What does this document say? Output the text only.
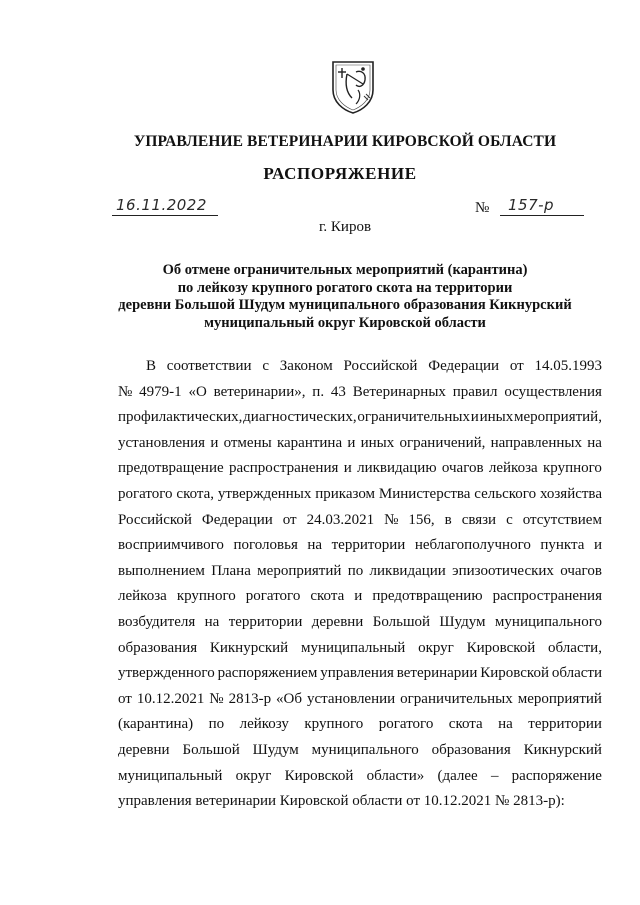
УПРАВЛЕНИЕ ВЕТЕРИНАРИИ КИРОВСКОЙ ОБЛАСТИ
РАСПОРЯЖЕНИЕ
16.11.2022	№ 157-р
г. Киров
Об отмене ограничительных мероприятий (карантина)
по лейкозу крупного рогатого скота на территории
деревни Большой Шудум муниципального образования Кикнурский
муниципальный округ Кировской области
В соответствии с Законом Российской Федерации от 14.05.1993
№ 4979-1 «О ветеринарии», п. 43 Ветеринарных правил осуществления
профилактических, диагностических, ограничительных и иных мероприятий,
установления и отмены карантина и иных ограничений, направленных на
предотвращение распространения и ликвидацию очагов лейкоза крупного
рогатого скота, утвержденных приказом Министерства сельского хозяйства
Российской Федерации от 24.03.2021 № 156, в связи с отсутствием
восприимчивого поголовья на территории неблагополучного пункта и
выполнением Плана мероприятий по ликвидации эпизоотических очагов
лейкоза крупного рогатого скота и предотвращению распространения
возбудителя на территории деревни Большой Шудум муниципального
образования Кикнурский муниципальный округ Кировской области,
утвержденного распоряжением управления ветеринарии Кировской области
от 10.12.2021 № 2813-р «Об установлении ограничительных мероприятий
(карантина) по лейкозу крупного рогатого скота на территории
деревни Большой Шудум муниципального образования Кикнурский
муниципальный округ Кировской области» (далее – распоряжение
управления ветеринарии Кировской области от 10.12.2021 № 2813-р):
